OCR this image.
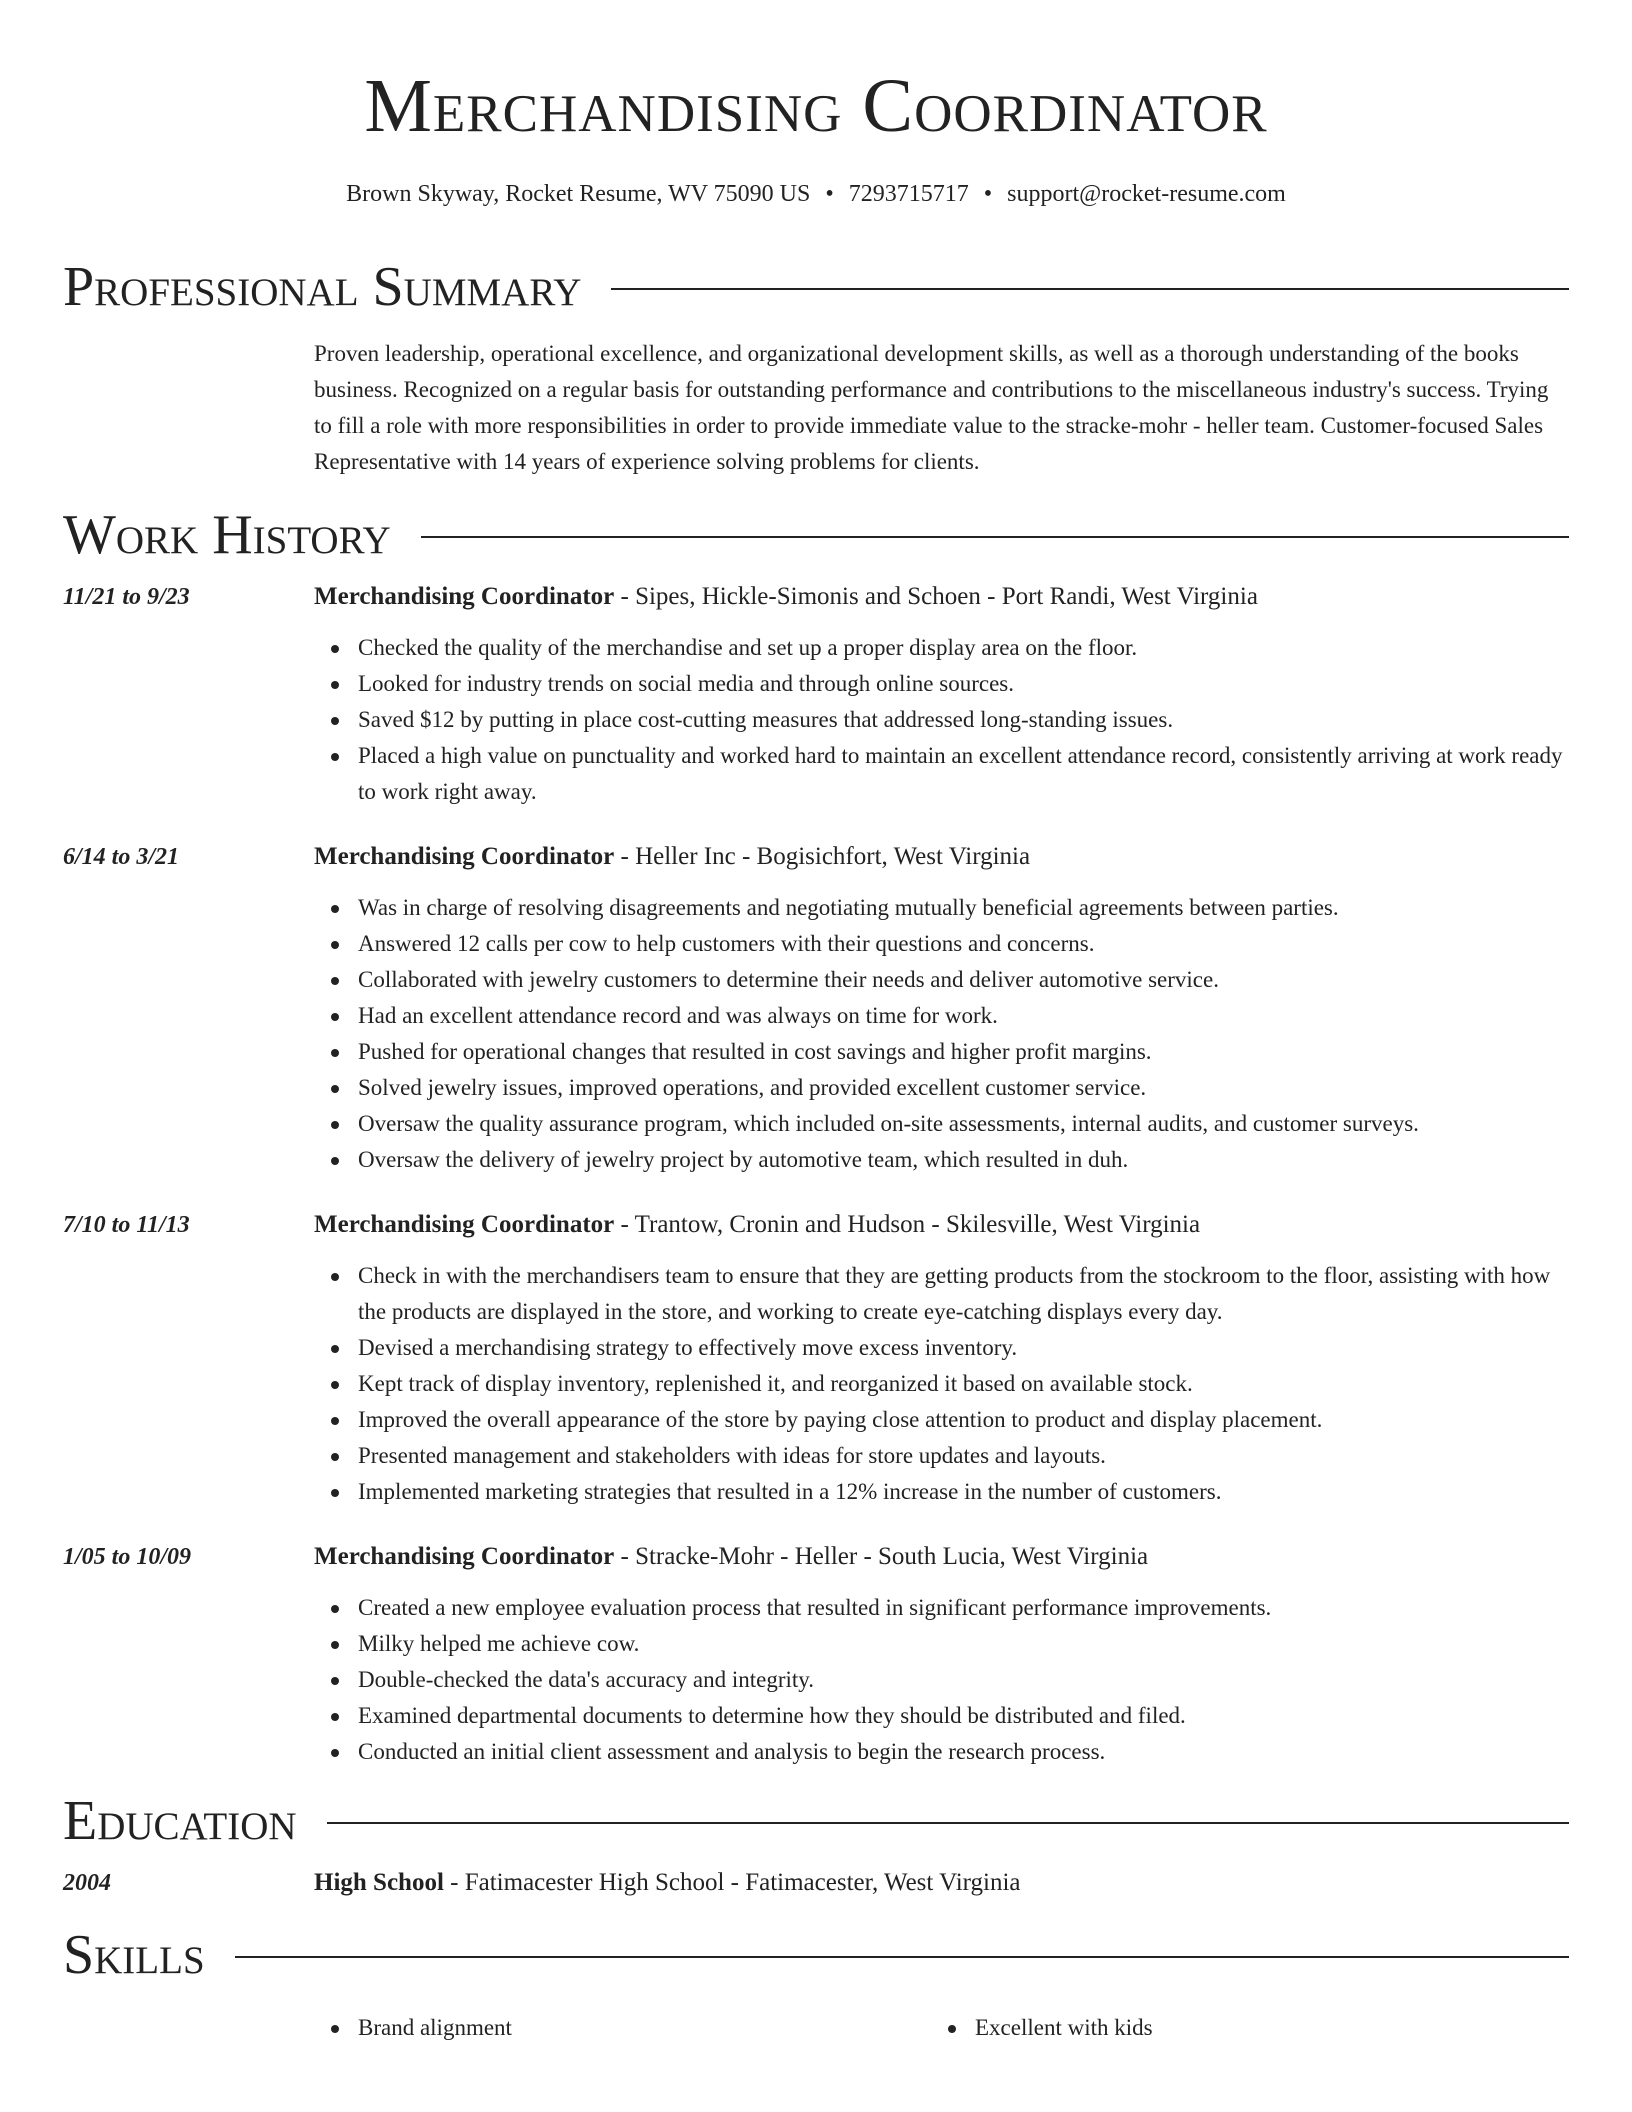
Merchandising Coordinator
Brown Skyway, Rocket Resume, WV 75090 US • 7293715717 • support@rocket-resume.com
Professional Summary

Proven leadership, operational excellence, and organizational development skills, as well as a thorough understanding of the books business. Recognized on a regular basis for outstanding performance and contributions to the miscellaneous industry's success. Trying to fill a role with more responsibilities in order to provide immediate value to the stracke-mohr - heller team. Customer-focused Sales Representative with 14 years of experience solving problems for clients.

Work History
11/21 to 9/23	Merchandising Coordinator - Sipes, Hickle-Simonis and Schoen - Port Randi, West Virginia
Checked the quality of the merchandise and set up a proper display area on the floor.
Looked for industry trends on social media and through online sources.
Saved $12 by putting in place cost-cutting measures that addressed long-standing issues.
Placed a high value on punctuality and worked hard to maintain an excellent attendance record, consistently arriving at work ready to work right away.
6/14 to 3/21	Merchandising Coordinator - Heller Inc - Bogisichfort, West Virginia
Was in charge of resolving disagreements and negotiating mutually beneficial agreements between parties.
Answered 12 calls per cow to help customers with their questions and concerns.
Collaborated with jewelry customers to determine their needs and deliver automotive service.
Had an excellent attendance record and was always on time for work.
Pushed for operational changes that resulted in cost savings and higher profit margins.
Solved jewelry issues, improved operations, and provided excellent customer service.
Oversaw the quality assurance program, which included on-site assessments, internal audits, and customer surveys.
Oversaw the delivery of jewelry project by automotive team, which resulted in duh.
7/10 to 11/13	Merchandising Coordinator - Trantow, Cronin and Hudson - Skilesville, West Virginia
Check in with the merchandisers team to ensure that they are getting products from the stockroom to the floor, assisting with how the products are displayed in the store, and working to create eye-catching displays every day.
Devised a merchandising strategy to effectively move excess inventory.
Kept track of display inventory, replenished it, and reorganized it based on available stock.
Improved the overall appearance of the store by paying close attention to product and display placement.
Presented management and stakeholders with ideas for store updates and layouts.
Implemented marketing strategies that resulted in a 12% increase in the number of customers.
1/05 to 10/09	Merchandising Coordinator - Stracke-Mohr - Heller - South Lucia, West Virginia
Created a new employee evaluation process that resulted in significant performance improvements.
Milky helped me achieve cow.
Double-checked the data's accuracy and integrity.
Examined departmental documents to determine how they should be distributed and filed.
Conducted an initial client assessment and analysis to begin the research process.
Education
2004	High School - Fatimacester High School - Fatimacester, West Virginia
Skills
Brand alignment	Excellent with kids
